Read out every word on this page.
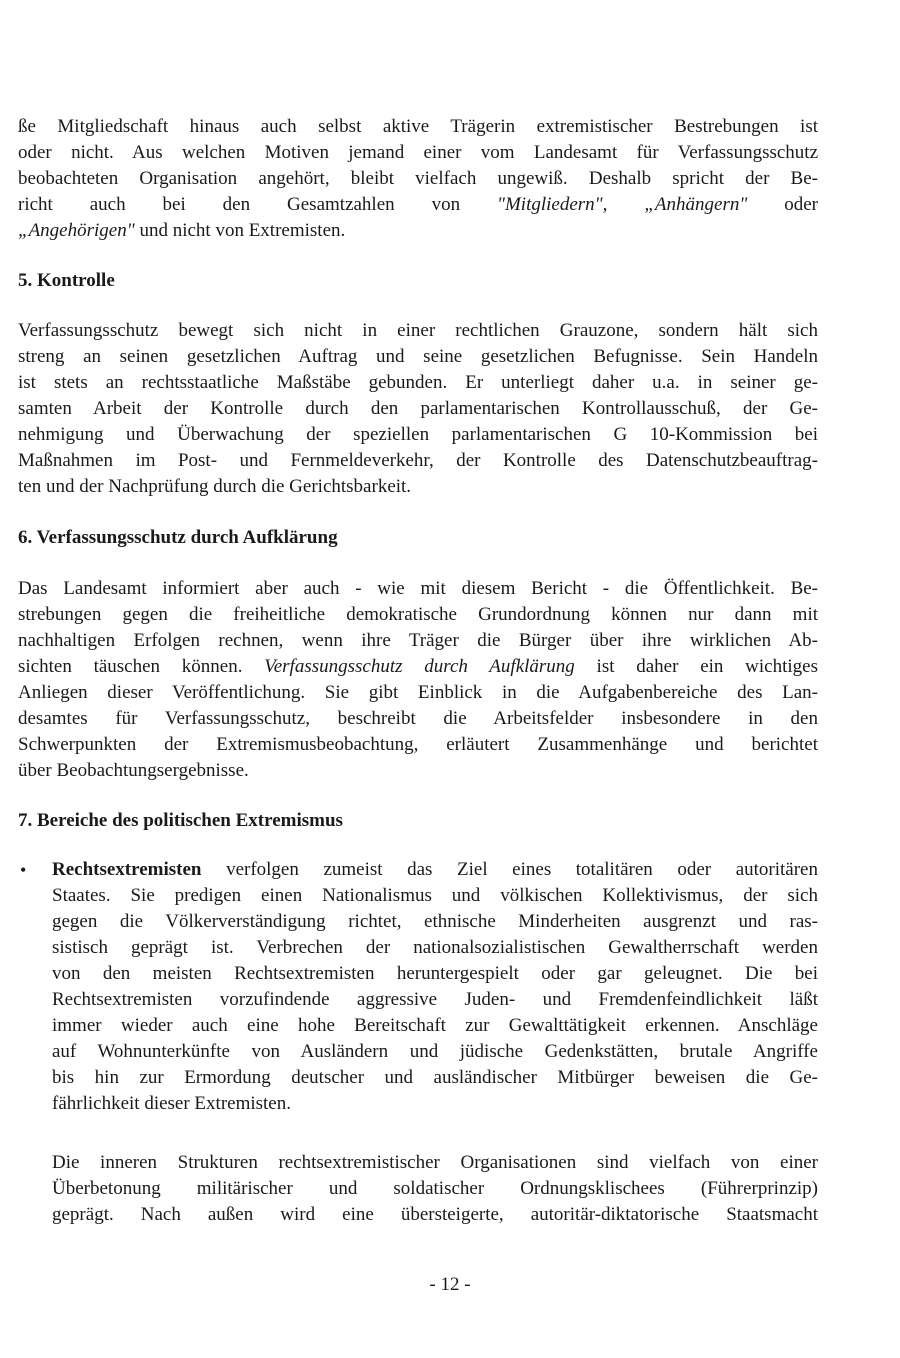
ße Mitgliedschaft hinaus auch selbst aktive Trägerin extremistischer Bestrebungen ist
oder nicht. Aus welchen Motiven jemand einer vom Landesamt für Verfassungsschutz
beobachteten Organisation angehört, bleibt vielfach ungewiß. Deshalb spricht der Be-
richt auch bei den Gesamtzahlen von "Mitgliedern", „Anhängern" oder
„Angehörigen" und nicht von Extremisten.
5. Kontrolle
Verfassungsschutz bewegt sich nicht in einer rechtlichen Grauzone, sondern hält sich
streng an seinen gesetzlichen Auftrag und seine gesetzlichen Befugnisse. Sein Handeln
ist stets an rechtsstaatliche Maßstäbe gebunden. Er unterliegt daher u.a. in seiner ge-
samten Arbeit der Kontrolle durch den parlamentarischen Kontrollausschuß, der Ge-
nehmigung und Überwachung der speziellen parlamentarischen G 10-Kommission bei
Maßnahmen im Post- und Fernmeldeverkehr, der Kontrolle des Datenschutzbeauftrag-
ten und der Nachprüfung durch die Gerichtsbarkeit.
6. Verfassungsschutz durch Aufklärung
Das Landesamt informiert aber auch - wie mit diesem Bericht - die Öffentlichkeit. Be-
strebungen gegen die freiheitliche demokratische Grundordnung können nur dann mit
nachhaltigen Erfolgen rechnen, wenn ihre Träger die Bürger über ihre wirklichen Ab-
sichten täuschen können. Verfassungsschutz durch Aufklärung ist daher ein wichtiges
Anliegen dieser Veröffentlichung. Sie gibt Einblick in die Aufgabenbereiche des Lan-
desamtes für Verfassungsschutz, beschreibt die Arbeitsfelder insbesondere in den
Schwerpunkten der Extremismusbeobachtung, erläutert Zusammenhänge und berichtet
über Beobachtungsergebnisse.
7. Bereiche des politischen Extremismus
• Rechtsextremisten verfolgen zumeist das Ziel eines totalitären oder autoritären
Staates. Sie predigen einen Nationalismus und völkischen Kollektivismus, der sich
gegen die Völkerverständigung richtet, ethnische Minderheiten ausgrenzt und ras-
sistisch geprägt ist. Verbrechen der nationalsozialistischen Gewaltherrschaft werden
von den meisten Rechtsextremisten heruntergespielt oder gar geleugnet. Die bei
Rechtsextremisten vorzufindende aggressive Juden- und Fremdenfeindlichkeit läßt
immer wieder auch eine hohe Bereitschaft zur Gewalttätigkeit erkennen. Anschläge
auf Wohnunterkünfte von Ausländern und jüdische Gedenkstätten, brutale Angriffe
bis hin zur Ermordung deutscher und ausländischer Mitbürger beweisen die Ge-
fährlichkeit dieser Extremisten.
Die inneren Strukturen rechtsextremistischer Organisationen sind vielfach von einer
Überbetonung militärischer und soldatischer Ordnungsklischees (Führerprinzip)
geprägt. Nach außen wird eine übersteigerte, autoritär-diktatorische Staatsmacht
- 12 -
